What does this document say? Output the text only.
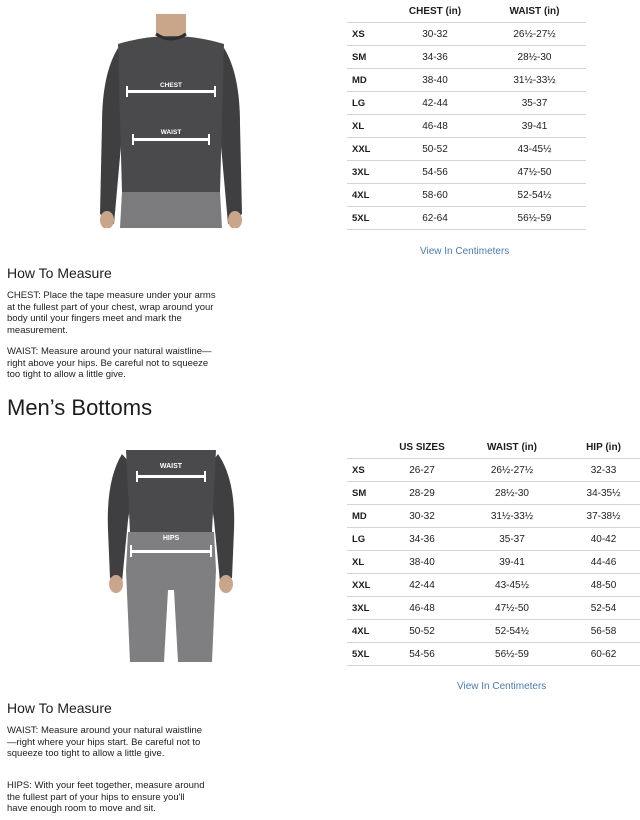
CHEST
WAIST
	CHEST (in)	WAIST (in)
XS	30-32	26½-27½
SM	34-36	28½-30
MD	38-40	31½-33½
LG	42-44	35-37
XL	46-48	39-41
XXL	50-52	43-45½
3XL	54-56	47½-50
4XL	58-60	52-54½
5XL	62-64	56½-59
View In Centimeters
How To Measure

CHEST: Place the tape measure under your arms at the fullest part of your chest, wrap around your body until your fingers meet and mark the measurement.

WAIST: Measure around your natural waistline—right above your hips. Be careful not to squeeze too tight to allow a little give.

Men’s Bottoms
WAIST
HIPS
	US SIZES	WAIST (in)	HIP (in)
XS	26-27	26½-27½	32-33
SM	28-29	28½-30	34-35½
MD	30-32	31½-33½	37-38½
LG	34-36	35-37	40-42
XL	38-40	39-41	44-46
XXL	42-44	43-45½	48-50
3XL	46-48	47½-50	52-54
4XL	50-52	52-54½	56-58
5XL	54-56	56½-59	60-62
View In Centimeters
How To Measure

WAIST: Measure around your natural waistline—right where your hips start. Be careful not to squeeze too tight to allow a little give.

HIPS: With your feet together, measure around the fullest part of your hips to ensure you'll have enough room to move and sit.
